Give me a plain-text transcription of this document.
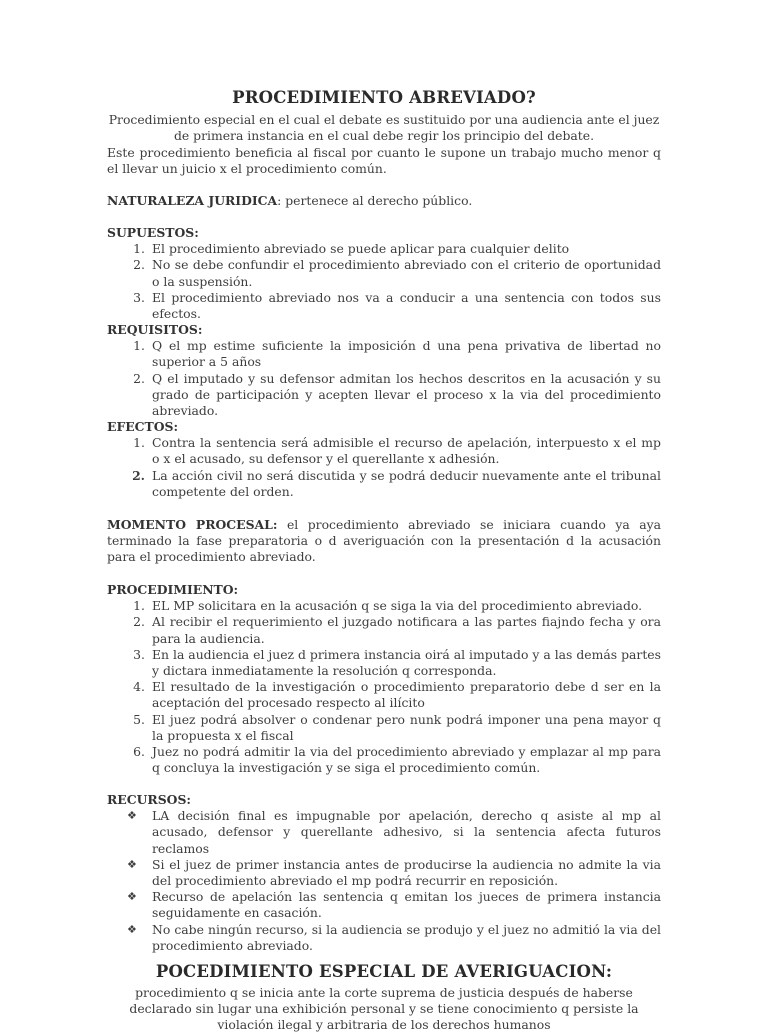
PROCEDIMIENTO ABREVIADO?
Procedimiento especial en el cual el debate es sustituido por una audiencia ante el juez de primera instancia en el cual debe regir los principio del debate.
Este procedimiento beneficia al fiscal por cuanto le supone un trabajo mucho menor q el llevar un juicio x el procedimiento común.
NATURALEZA JURIDICA: pertenece al derecho público.
SUPUESTOS:
1. El procedimiento abreviado se puede aplicar para cualquier delito
2. No se debe confundir el procedimiento abreviado con el criterio de oportunidad o la suspensión.
3. El procedimiento abreviado nos va a conducir a una sentencia con todos sus efectos.
REQUISITOS:
1. Q el mp estime suficiente la imposición d una pena privativa de libertad no superior a 5 años
2. Q el imputado y su defensor admitan los hechos descritos en la acusación y su grado de participación y acepten llevar el proceso x la via del procedimiento abreviado.
EFECTOS:
1. Contra la sentencia será admisible el recurso de apelación, interpuesto x el mp o x el acusado, su defensor y el querellante x adhesión.
2. La acción civil no será discutida y se podrá deducir nuevamente ante el tribunal competente del orden.
MOMENTO PROCESAL: el procedimiento abreviado se iniciara cuando ya aya terminado la fase preparatoria o d averiguación con la presentación d la acusación para el procedimiento abreviado.
PROCEDIMIENTO:
1. EL MP solicitara en la acusación q se siga la via del procedimiento abreviado.
2. Al recibir el requerimiento el juzgado notificara a las partes fiajndo fecha y ora para la audiencia.
3. En la audiencia el juez d primera instancia oirá al imputado y a las demás partes y dictara inmediatamente la resolución q corresponda.
4. El resultado de la investigación o procedimiento preparatorio debe d ser en la aceptación del procesado respecto al ilícito
5. El juez podrá absolver o condenar pero nunk podrá imponer una pena mayor q la propuesta x el fiscal
6. Juez no podrá admitir la via del procedimiento abreviado y emplazar al mp para q concluya la investigación y se siga el procedimiento común.
RECURSOS:
❖	LA decisión final es impugnable por apelación, derecho q asiste al mp al acusado, defensor y querellante adhesivo, si la sentencia afecta futuros reclamos
❖	Si el juez de primer instancia antes de producirse la audiencia no admite la via del procedimiento abreviado el mp podrá recurrir en reposición.
❖	Recurso de apelación las sentencia q emitan los jueces de primera instancia seguidamente en casación.
❖	No cabe ningún recurso, si la audiencia se produjo y el juez no admitió la via del procedimiento abreviado.
POCEDIMIENTO ESPECIAL DE AVERIGUACION:
procedimiento q se inicia ante la corte suprema de justicia después de haberse declarado sin lugar una exhibición personal y se tiene conocimiento q persiste la violación ilegal y arbitraria de los derechos humanos
